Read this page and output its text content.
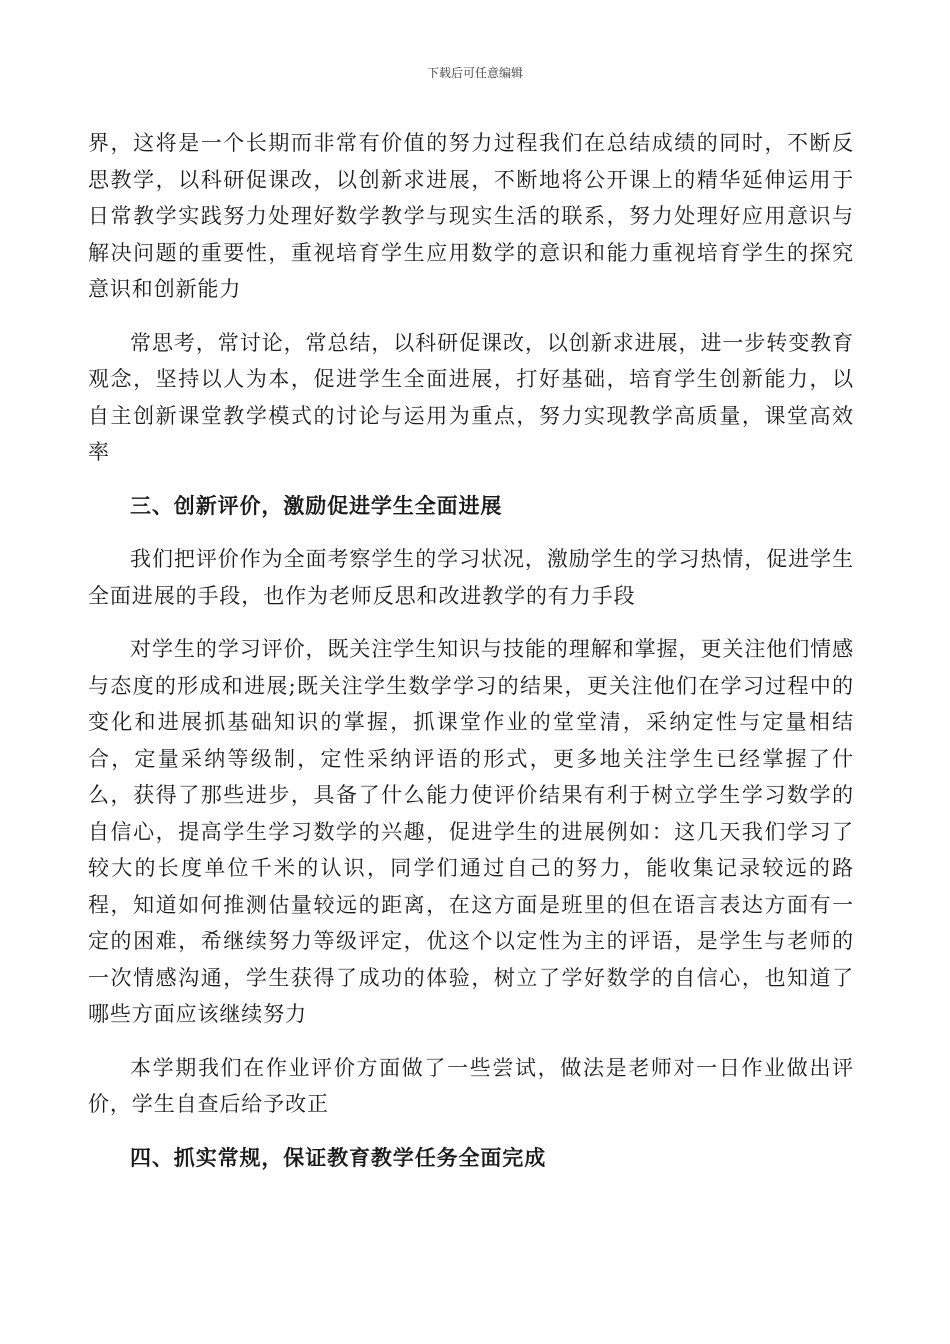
下载后可任意编辑

界，这将是一个长期而非常有价值的努力过程我们在总结成绩的同时，不断反思教学，以科研促课改，以创新求进展，不断地将公开课上的精华延伸运用于日常教学实践努力处理好数学教学与现实生活的联系，努力处理好应用意识与解决问题的重要性，重视培育学生应用数学的意识和能力重视培育学生的探究意识和创新能力

常思考，常讨论，常总结，以科研促课改，以创新求进展，进一步转变教育观念，坚持以人为本，促进学生全面进展，打好基础，培育学生创新能力，以自主创新课堂教学模式的讨论与运用为重点，努力实现教学高质量，课堂高效率

三、创新评价，激励促进学生全面进展

我们把评价作为全面考察学生的学习状况，激励学生的学习热情，促进学生全面进展的手段，也作为老师反思和改进教学的有力手段

对学生的学习评价，既关注学生知识与技能的理解和掌握，更关注他们情感与态度的形成和进展;既关注学生数学学习的结果，更关注他们在学习过程中的变化和进展抓基础知识的掌握，抓课堂作业的堂堂清，采纳定性与定量相结合，定量采纳等级制，定性采纳评语的形式，更多地关注学生已经掌握了什么，获得了那些进步，具备了什么能力使评价结果有利于树立学生学习数学的自信心，提高学生学习数学的兴趣，促进学生的进展例如：这几天我们学习了较大的长度单位千米的认识，同学们通过自己的努力，能收集记录较远的路程，知道如何推测估量较远的距离，在这方面是班里的但在语言表达方面有一定的困难，希继续努力等级评定，优这个以定性为主的评语，是学生与老师的一次情感沟通，学生获得了成功的体验，树立了学好数学的自信心，也知道了哪些方面应该继续努力

本学期我们在作业评价方面做了一些尝试，做法是老师对一日作业做出评价，学生自查后给予改正

四、抓实常规，保证教育教学任务全面完成
